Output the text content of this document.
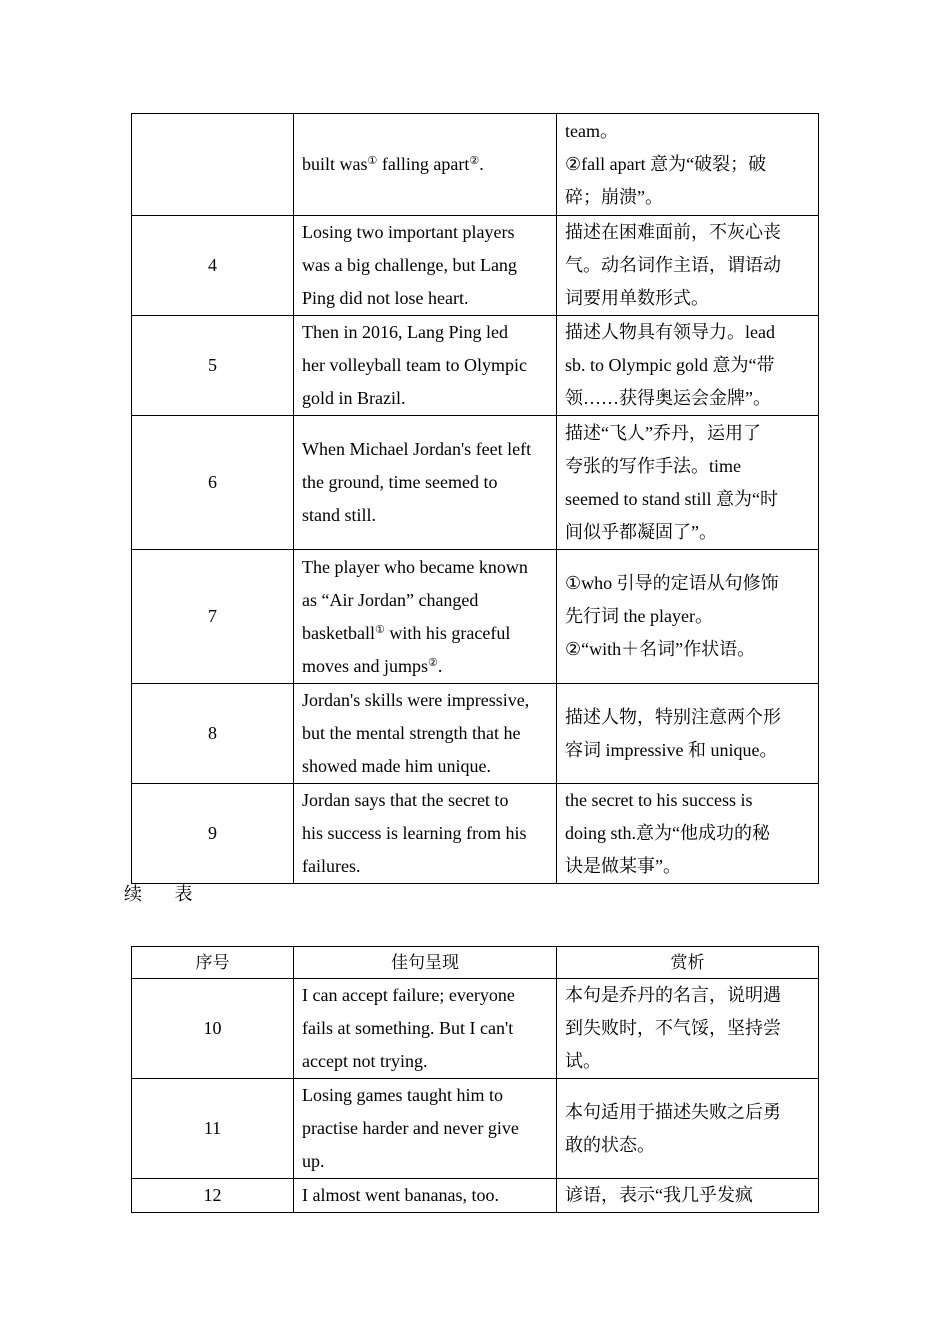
	built was① falling apart②.	team。
②fall apart 意为“破裂；破
碎；崩溃”。

4	Losing two important players
was a big challenge, but Lang
Ping did not lose heart.	描述在困难面前，不灰心丧
气。动名词作主语，谓语动
词要用单数形式。

5	Then in 2016, Lang Ping led
her volleyball team to Olympic
gold in Brazil.	描述人物具有领导力。lead
sb. to Olympic gold 意为“带
领……获得奥运会金牌”。

6	When Michael Jordan's feet left
the ground, time seemed to
stand still.	描述“飞人”乔丹，运用了
夸张的写作手法。time
seemed to stand still 意为“时
间似乎都凝固了”。

7	The player who became known
as “Air Jordan” changed
basketball① with his graceful
moves and jumps②.	①who 引导的定语从句修饰
先行词 the player。
②“with＋名词”作状语。

8	Jordan's skills were impressive,
but the mental strength that he
showed made him unique.	描述人物，特别注意两个形
容词 impressive 和 unique。

9	Jordan says that the secret to
his success is learning from his
failures.	the secret to his success is
doing sth.意为“他成功的秘
诀是做某事”。
续 表
序号	佳句呈现	赏析
10	I can accept failure; everyone
fails at something. But I can't
accept not trying.	本句是乔丹的名言，说明遇
到失败时，不气馁，坚持尝
试。

11	Losing games taught him to
practise harder and never give
up.	本句适用于描述失败之后勇
敢的状态。

12	I almost went bananas, too.	谚语，表示“我几乎发疯
